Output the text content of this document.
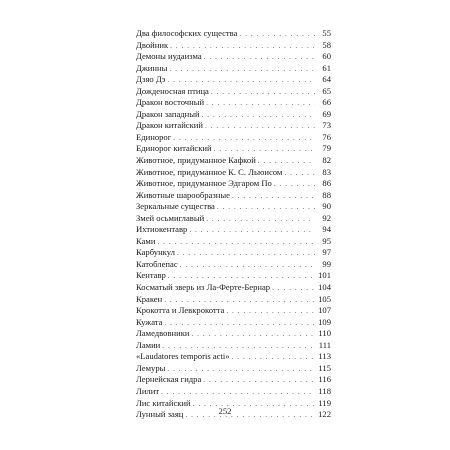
Два философских существа . . .	55
Двойник . . .	58
Демоны иудаизма . . .	60
Джинны . . .	61
Дзяо Дэ . . .	64
Дожденосная птица . . .	65
Дракон восточный . . .	66
Дракон западный . . .	69
Дракон китайский . . .	73
Единорог . . .	76
Единорог китайский . . .	79
Животное, придуманное Кафкой . . .	82
Животное, придуманное К. С. Льюисом . . .	83
Животное, придуманное Эдгаром По . . .	86
Животные шарообразные . . .	88
Зеркальные существа . . .	90
Змей осьмиглавый . . .	92
Ихтиокентавр . . .	94
Ками . . .	95
Карбункул . . .	97
Катоблепас . . .	99
Кентавр . . .	101
Косматый зверь из Ла-Ферте-Бернар . . .	104
Кракен . . .	105
Крокотта и Левкрокотта . . .	107
Кужата . . .	109
Ламедвовники . . .	110
Ламии . . .	111
«Laudatores temporis acti» . . .	113
Лемуры . . .	115
Лернейская гидра . . .	116
Лилит . . .	118
Лис китайский . . .	119
Лунный заяц . . .	122
252
